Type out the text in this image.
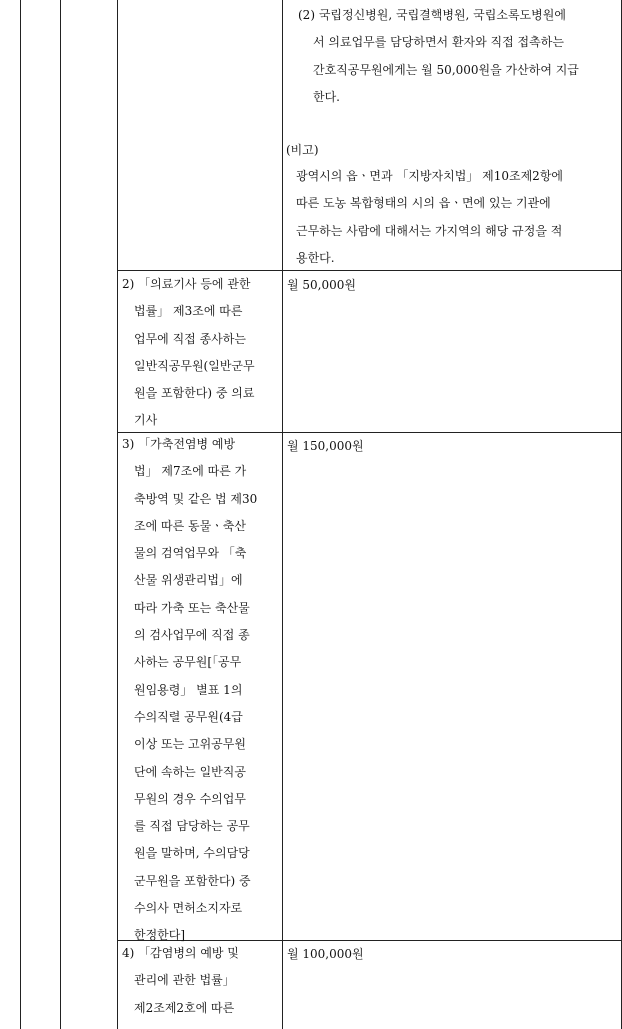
(2) 국립정신병원, 국립결핵병원, 국립소록도병원에
서 의료업무를 담당하면서 환자와 직접 접촉하는
간호직공무원에게는 월 50,000원을 가산하여 지급
한다.
(비고)
광역시의 읍ㆍ면과 「지방자치법」 제10조제2항에
따른 도농 복합형태의 시의 읍ㆍ면에 있는 기관에
근무하는 사람에 대해서는 가지역의 해당 규정을 적
용한다.
2) 「의료기사 등에 관한
법률」 제3조에 따른
업무에 직접 종사하는
일반직공무원(일반군무
원을 포함한다) 중 의료
기사
월 50,000원
3) 「가축전염병 예방
법」 제7조에 따른 가
축방역 및 같은 법 제30
조에 따른 동물ㆍ축산
물의 검역업무와 「축
산물 위생관리법」에
따라 가축 또는 축산물
의 검사업무에 직접 종
사하는 공무원[「공무
원임용령」 별표 1의
수의직렬 공무원(4급
이상 또는 고위공무원
단에 속하는 일반직공
무원의 경우 수의업무
를 직접 담당하는 공무
원을 말하며, 수의담당
군무원을 포함한다) 중
수의사 면허소지자로
한정한다]
월 150,000원
4) 「감염병의 예방 및
관리에 관한 법률」
제2조제2호에 따른
월 100,000원
